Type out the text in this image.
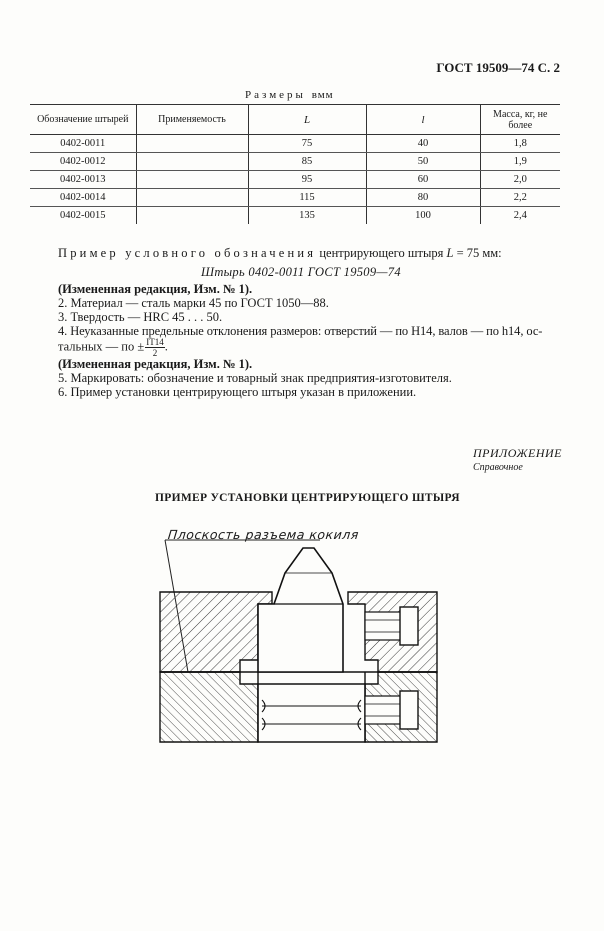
ГОСТ 19509—74 С. 2
Размеры вмм
Обозначение штырей	Применяемость	L	l	Масса, кг, не более
0402-0011		75	40	1,8
0402-0012		85	50	1,9
0402-0013		95	60	2,0
0402-0014		115	80	2,2
0402-0015		135	100	2,4
Пример условного обозначения центрирующего штыря L = 75 мм:
Штырь 0402-0011 ГОСТ 19509—74
(Измененная редакция, Изм. № 1).
2. Материал — сталь марки 45 по ГОСТ 1050—88.
3. Твердость — HRC 45 . . . 50.
4. Неуказанные предельные отклонения размеров: отверстий — по Н14, валов — по h14, ос-
тальных — по ± $\frac{IT14}{2}$ .
(Измененная редакция, Изм. № 1).
5. Маркировать: обозначение и товарный знак предприятия-изготовителя.
6. Пример установки центрирующего штыря указан в приложении.
ПРИЛОЖЕНИЕ
Справочное
ПРИМЕР УСТАНОВКИ ЦЕНТРИРУЮЩЕГО ШТЫРЯ
Плоскость разъема кокиля
